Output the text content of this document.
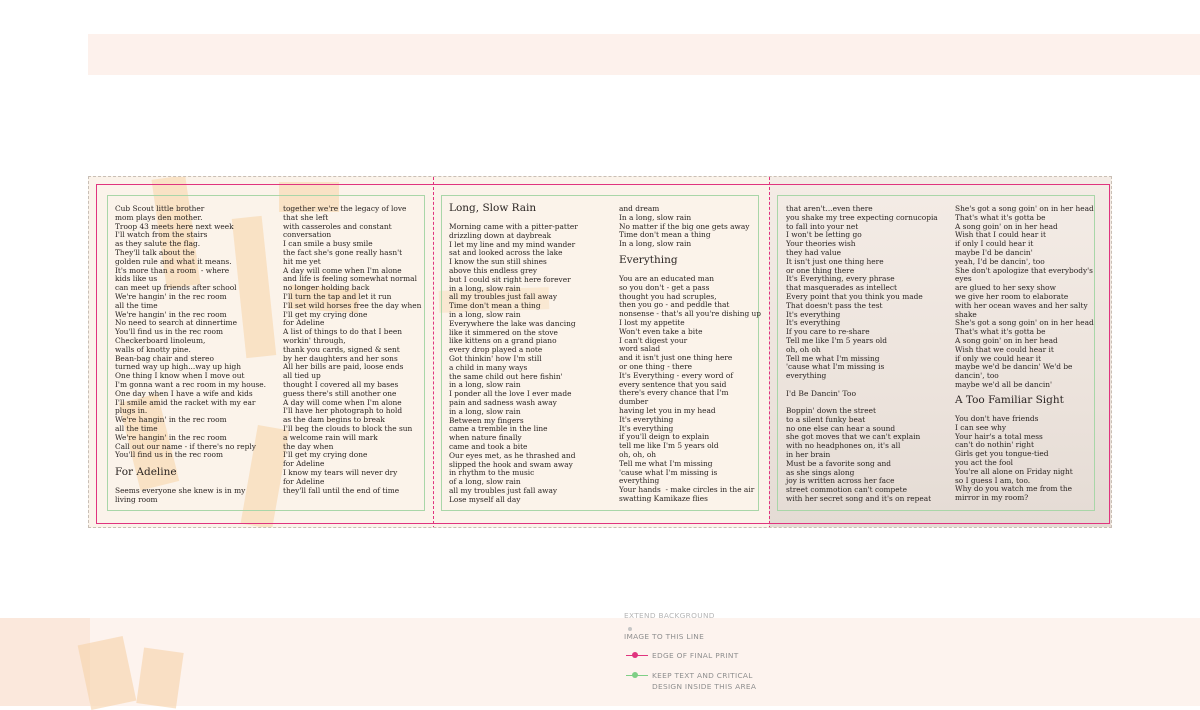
Cub Scout little brother
mom plays den mother.
Troop 43 meets here next week
I'll watch from the stairs
as they salute the flag.
They'll talk about the
golden rule and what it means.
It's more than a room  - where
kids like us
can meet up friends after school
We're hangin' in the rec room
all the time
We're hangin' in the rec room
No need to search at dinnertime
You'll find us in the rec room
Checkerboard linoleum,
walls of knotty pine.
Bean-bag chair and stereo
turned way up high...way up high
One thing I know when I move out
I'm gonna want a rec room in my house.
One day when I have a wife and kids
I'll smile amid the racket with my ear
plugs in.
We're hangin' in the rec room
all the time
We're hangin' in the rec room
Call out our name - if there's no reply
You'll find us in the rec room
For Adeline
Seems everyone she knew is in my
living room
together we're the legacy of love
that she left
with casseroles and constant
conversation
I can smile a busy smile
the fact she's gone really hasn't
hit me yet
A day will come when I'm alone
and life is feeling somewhat normal
no longer holding back
I'll turn the tap and let it run
I'll set wild horses free the day when
I'll get my crying done
for Adeline
A list of things to do that I been
workin' through,
thank you cards, signed & sent
by her daughters and her sons
All her bills are paid, loose ends
all tied up
thought I covered all my bases
guess there's still another one
A day will come when I'm alone
I'll have her photograph to hold
as the dam begins to break
I'll beg the clouds to block the sun
a welcome rain will mark
the day when
I'll get my crying done
for Adeline
I know my tears will never dry
for Adeline
they'll fall until the end of time
Long, Slow Rain
Morning came with a pitter-patter
drizzling down at daybreak
I let my line and my mind wander
sat and looked across the lake
I know the sun still shines
above this endless grey
but I could sit right here forever
in a long, slow rain
all my troubles just fall away
Time don't mean a thing
in a long, slow rain
Everywhere the lake was dancing
like it simmered on the stove
like kittens on a grand piano
every drop played a note
Got thinkin' how I'm still
a child in many ways
the same child out here fishin'
in a long, slow rain
I ponder all the love I ever made
pain and sadness wash away
in a long, slow rain
Between my fingers
came a tremble in the line
when nature finally
came and took a bite
Our eyes met, as he thrashed and
slipped the hook and swam away
in rhythm to the music
of a long, slow rain
all my troubles just fall away
Lose myself all day
and dream
In a long, slow rain
No matter if the big one gets away
Time don't mean a thing
In a long, slow rain
Everything
You are an educated man
so you don't - get a pass
thought you had scruples,
then you go - and peddle that
nonsense - that's all you're dishing up
I lost my appetite
Won't even take a bite
I can't digest your
word salad
and it isn't just one thing here
or one thing - there
It's Everything - every word of
every sentence that you said
there's every chance that I'm
dumber
having let you in my head
It's everything
It's everything
if you'll deign to explain
tell me like I'm 5 years old
oh, oh, oh
Tell me what I'm missing
'cause what I'm missing is
everything
Your hands  - make circles in the air
swatting Kamikaze flies
that aren't...even there
you shake my tree expecting cornucopia
to fall into your net
I won't be letting go
Your theories wish
they had value
It isn't just one thing here
or one thing there
It's Everything, every phrase
that masquerades as intellect
Every point that you think you made
That doesn't pass the test
It's everything
It's everything
If you care to re-share
Tell me like I'm 5 years old
oh, oh oh
Tell me what I'm missing
'cause what I'm missing is
everything
I'd Be Dancin' Too
Boppin' down the street
to a silent funky beat
no one else can hear a sound
she got moves that we can't explain
with no headphones on, it's all
in her brain
Must be a favorite song and
as she sings along
joy is written across her face
street commotion can't compete
with her secret song and it's on repeat
She's got a song goin' on in her head
That's what it's gotta be
A song goin' on in her head
Wish that I could hear it
if only I could hear it
maybe I'd be dancin'
yeah, I'd be dancin', too
She don't apologize that everybody's
eyes
are glued to her sexy show
we give her room to elaborate
with her ocean waves and her salty
shake
She's got a song goin' on in her head
That's what it's gotta be
A song goin' on in her head
Wish that we could hear it
if only we could hear it
maybe we'd be dancin' We'd be
dancin', too
maybe we'd all be dancin'
A Too Familiar Sight
You don't have friends
I can see why
Your hair's a total mess
can't do nothin' right
Girls get you tongue-tied
you act the fool
You're all alone on Friday night
so I guess I am, too.
Why do you watch me from the
mirror in my room?
EXTEND BACKGROUND
IMAGE TO THIS LINE
EDGE OF FINAL PRINT
KEEP TEXT AND CRITICAL
DESIGN INSIDE THIS AREA
